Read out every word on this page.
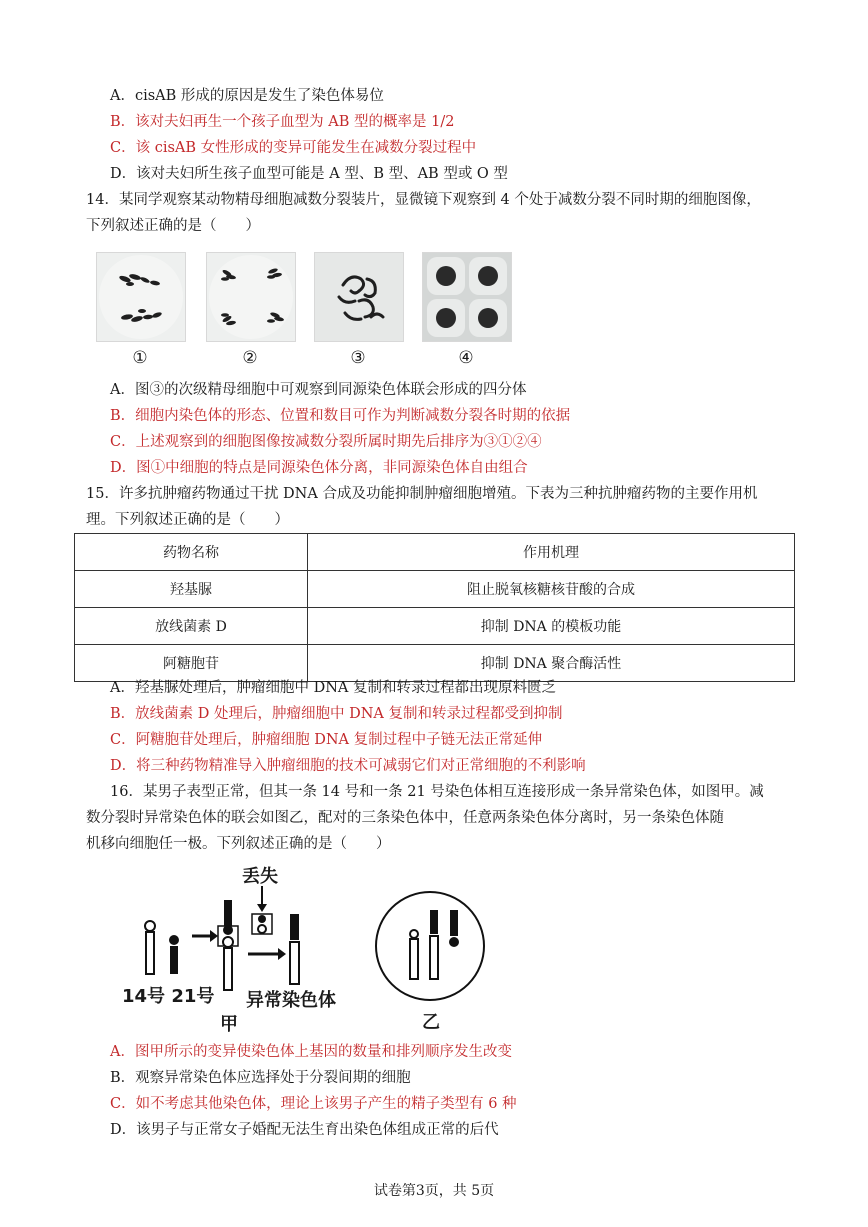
A．cisAB 形成的原因是发生了染色体易位
B．该对夫妇再生一个孩子血型为 AB 型的概率是 1/2
C．该 cisAB 女性形成的变异可能发生在减数分裂过程中
D．该对夫妇所生孩子血型可能是 A 型、B 型、AB 型或 O 型
14．某同学观察某动物精母细胞减数分裂装片，显微镜下观察到 4 个处于减数分裂不同时期的细胞图像，
下列叙述正确的是（　　）
①	②	③	④
A．图③的次级精母细胞中可观察到同源染色体联会形成的四分体
B．细胞内染色体的形态、位置和数目可作为判断减数分裂各时期的依据
C．上述观察到的细胞图像按减数分裂所属时期先后排序为③①②④
D．图①中细胞的特点是同源染色体分离，非同源染色体自由组合
15．许多抗肿瘤药物通过干扰 DNA 合成及功能抑制肿瘤细胞增殖。下表为三种抗肿瘤药物的主要作用机
理。下列叙述正确的是（　　）
药物名称	作用机理
羟基脲	阻止脱氧核糖核苷酸的合成
放线菌素 D	抑制 DNA 的模板功能
阿糖胞苷	抑制 DNA 聚合酶活性
A．羟基脲处理后，肿瘤细胞中 DNA 复制和转录过程都出现原料匮乏
B．放线菌素 D 处理后，肿瘤细胞中 DNA 复制和转录过程都受到抑制
C．阿糖胞苷处理后，肿瘤细胞 DNA 复制过程中子链无法正常延伸
D．将三种药物精准导入肿瘤细胞的技术可减弱它们对正常细胞的不利影响
16．某男子表型正常，但其一条 14 号和一条 21 号染色体相互连接形成一条异常染色体，如图甲。减
数分裂时异常染色体的联会如图乙，配对的三条染色体中，任意两条染色体分离时，另一条染色体随
机移向细胞任一极。下列叙述正确的是（　　）
丢失
14号 21号 异常染色体
甲	乙
A．图甲所示的变异使染色体上基因的数量和排列顺序发生改变
B．观察异常染色体应选择处于分裂间期的细胞
C．如不考虑其他染色体，理论上该男子产生的精子类型有 6 种
D．该男子与正常女子婚配无法生育出染色体组成正常的后代
试卷第3页，共 5页
